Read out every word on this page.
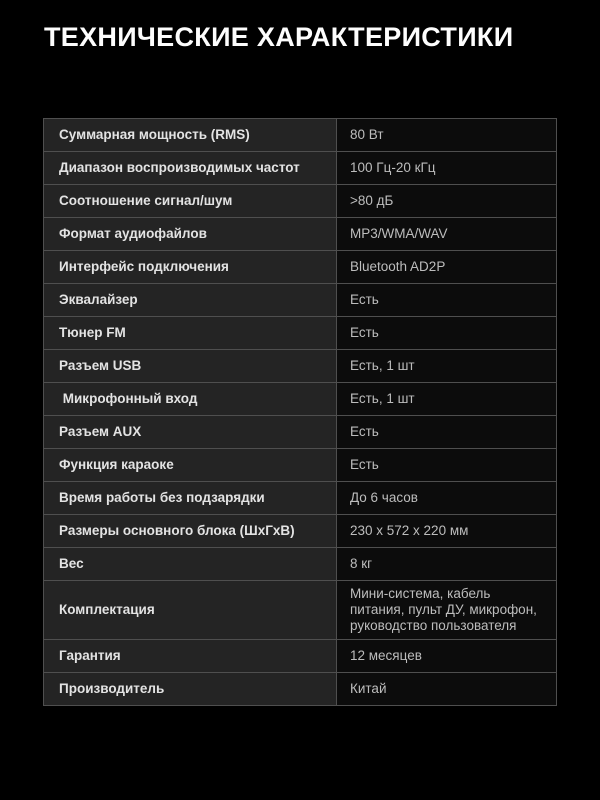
ТЕХНИЧЕСКИЕ ХАРАКТЕРИСТИКИ
Суммарная мощность (RMS)	80 Вт
Диапазон воспроизводимых частот	100 Гц-20 кГц
Соотношение сигнал/шум	>80 дБ
Формат аудиофайлов	MP3/WMA/WAV
Интерфейс подключения	Bluetooth AD2P
Эквалайзер	Есть
Тюнер FM	Есть
Разъем USB	Есть, 1 шт
Микрофонный вход	Есть, 1 шт
Разъем AUX	Есть
Функция караоке	Есть
Время работы без подзарядки	До 6 часов
Размеры основного блока (ШхГхВ)	230 x 572 x 220 мм
Вес	8 кг
Комплектация	Мини-система, кабель питания, пульт ДУ, микрофон, руководство пользователя
Гарантия	12 месяцев
Производитель	Китай
